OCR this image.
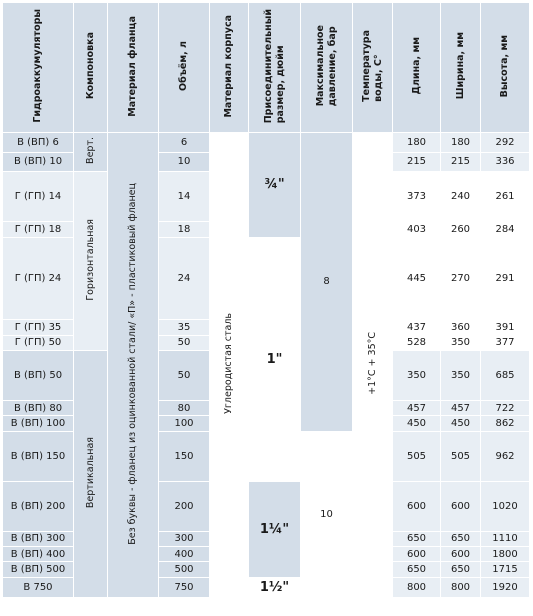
Гидроаккумуляторы	Компоновка	Материал фланца	Объём, л	Материал корпуса	Присоединительный
размер, дюйм	Максимальное
давление, бар	Температура
воды, С°	Длина, мм	Ширина, мм	Высота, мм
В (ВП) 6	Верт.	Без буквы - фланец из оцинкованной стали/ «П» - пластиковый фланец	6	Углеродистая сталь	¾"	8	+1°С + 35°С	180	180	292
В (ВП) 10			10					215	215	336
Г (ГП) 14	Горизонтальная		14					373	240	261
Г (ГП) 18			18					403	260	284
Г (ГП) 24			24		1"			445	270	291
Г (ГП) 35			35					437	360	391
Г (ГП) 50			50					528	350	377
В (ВП) 50	Вертикальная		50					350	350	685
В (ВП) 80			80					457	457	722
В (ВП) 100			100					450	450	862
В (ВП) 150			150			10		505	505	962
В (ВП) 200			200		1¼"			600	600	1020
В (ВП) 300			300					650	650	1110
В (ВП) 400			400					600	600	1800
В (ВП) 500			500					650	650	1715
В 750			750		1½"			800	800	1920
